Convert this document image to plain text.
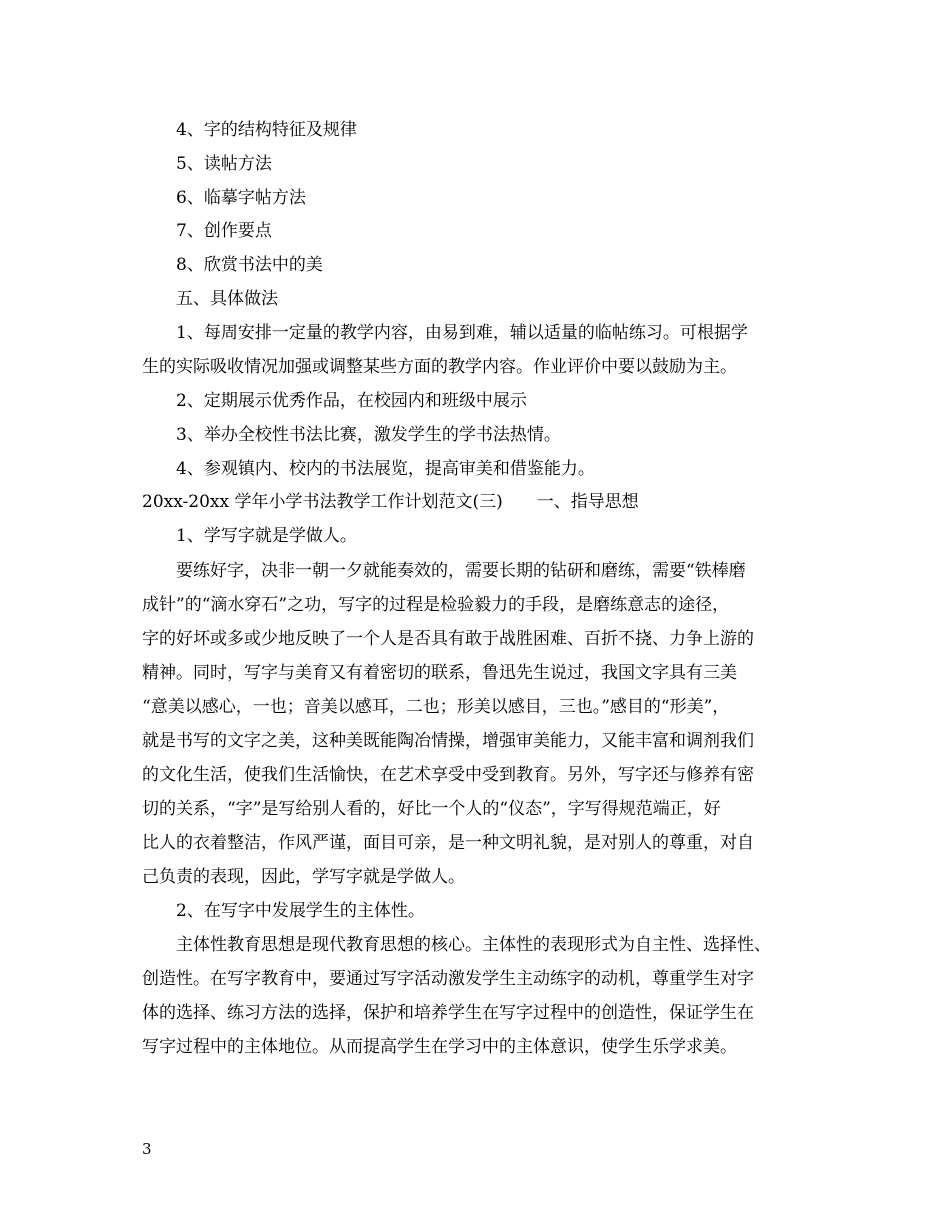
4、字的结构特征及规律
5、读帖方法
6、临摹字帖方法
7、创作要点
8、欣赏书法中的美
五、具体做法
1、每周安排一定量的教学内容，由易到难，辅以适量的临帖练习。可根据学
生的实际吸收情况加强或调整某些方面的教学内容。作业评价中要以鼓励为主。
2、定期展示优秀作品，在校园内和班级中展示
3、举办全校性书法比赛，激发学生的学书法热情。
4、参观镇内、校内的书法展览，提高审美和借鉴能力。
20xx-20xx 学年小学书法教学工作计划范文(三)　　一、指导思想
1、学写字就是学做人。
要练好字，决非一朝一夕就能奏效的，需要长期的钻研和磨练，需要“铁棒磨
成针”的“滴水穿石”之功，写字的过程是检验毅力的手段，是磨练意志的途径，
字的好坏或多或少地反映了一个人是否具有敢于战胜困难、百折不挠、力争上游的
精神。同时，写字与美育又有着密切的联系，鲁迅先生说过，我国文字具有三美
“意美以感心，一也；音美以感耳，二也；形美以感目，三也。”感目的“形美”，
就是书写的文字之美，这种美既能陶冶情操，增强审美能力，又能丰富和调剂我们
的文化生活，使我们生活愉快，在艺术享受中受到教育。另外，写字还与修养有密
切的关系，“字”是写给别人看的，好比一个人的“仪态”，字写得规范端正，好
比人的衣着整洁，作风严谨，面目可亲，是一种文明礼貌，是对别人的尊重，对自
己负责的表现，因此，学写字就是学做人。
2、在写字中发展学生的主体性。
主体性教育思想是现代教育思想的核心。主体性的表现形式为自主性、选择性、
创造性。在写字教育中，要通过写字活动激发学生主动练字的动机，尊重学生对字
体的选择、练习方法的选择，保护和培养学生在写字过程中的创造性，保证学生在
写字过程中的主体地位。从而提高学生在学习中的主体意识，使学生乐学求美。
3
